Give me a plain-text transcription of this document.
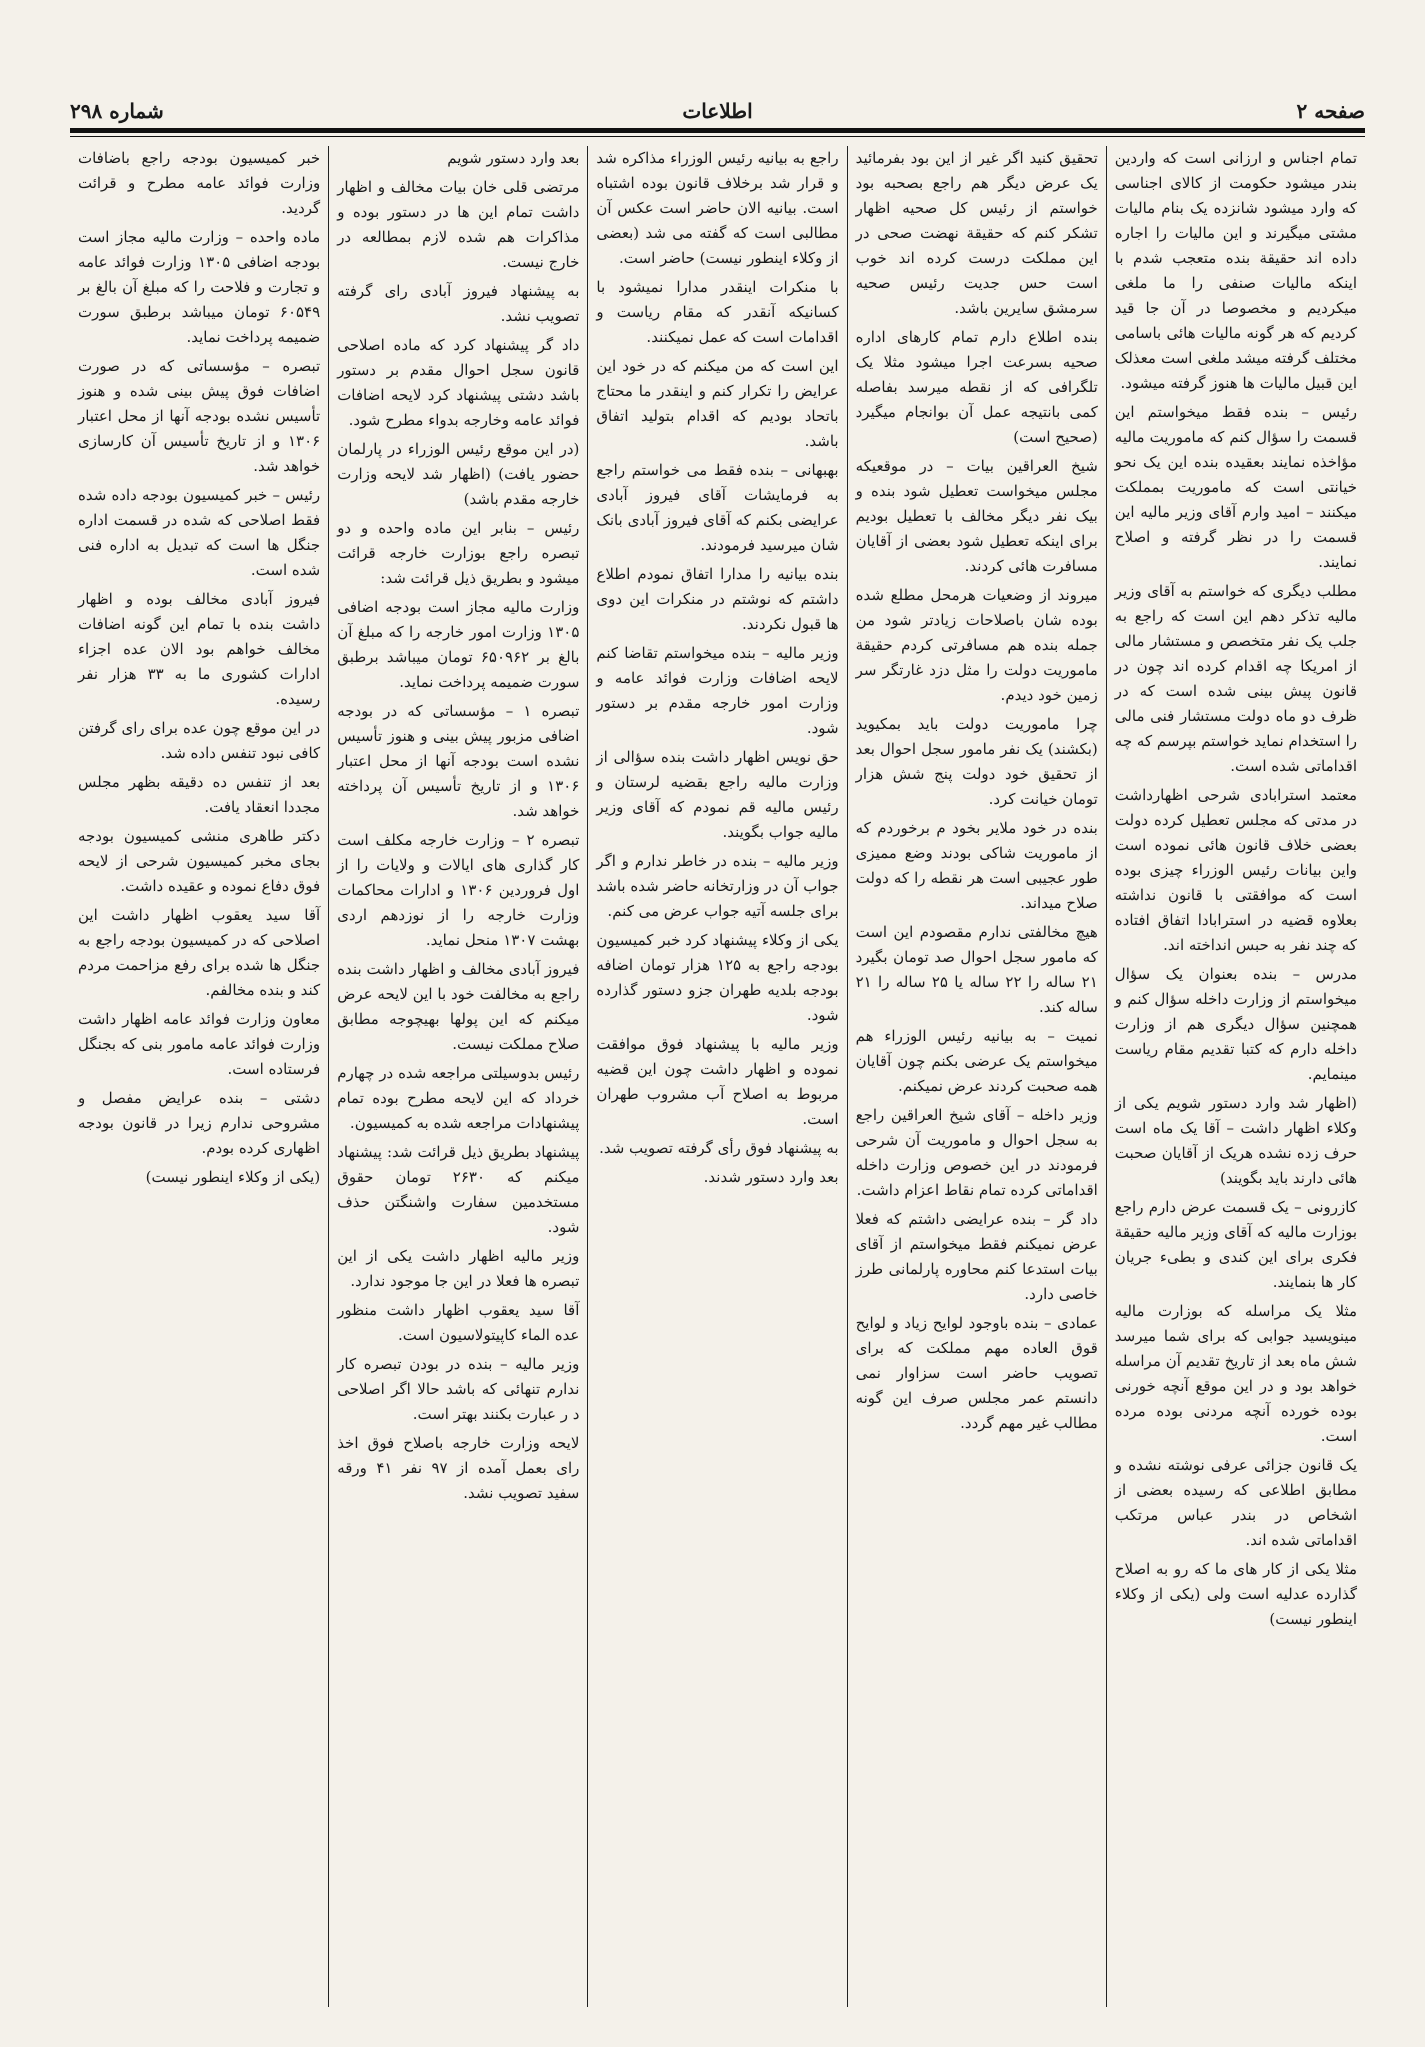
صفحه ۲
اطلاعات
شماره ۲۹۸

تمام اجناس و ارزانی است که واردین بندر میشود حکومت از کالای اجناسی که وارد میشود شانزده یک بنام مالیات مشتی میگیرند و این مالیات را اجاره داده اند حقیقة بنده متعجب شدم با اینکه مالیات صنفی را ما ملغی میکردیم و مخصوصا در آن جا قید کردیم که هر گونه مالیات هائی باسامی مختلف گرفته میشد ملغی است معذلک این قبیل مالیات ها هنوز گرفته میشود.

رئیس – بنده فقط میخواستم این قسمت را سؤال کنم که ماموریت مالیه مؤاخذه نمایند بعقیده بنده این یک نحو خیانتی است که ماموریت بمملکت میکنند – امید وارم آقای وزیر مالیه این قسمت را در نظر گرفته و اصلاح نمایند.

مطلب دیگری که خواستم به آقای وزیر مالیه تذکر دهم این است که راجع به جلب یک نفر متخصص و مستشار مالی از امریکا چه اقدام کرده اند چون در قانون پیش بینی شده است که در ظرف دو ماه دولت مستشار فنی مالی را استخدام نماید خواستم بپرسم که چه اقداماتی شده است.

معتمد استرابادی شرحی اظهارداشت در مدتی که مجلس تعطیل کرده دولت بعضی خلاف قانون هائی نموده است واین بیانات رئیس الوزراء چیزی بوده است که موافقتی با قانون نداشته بعلاوه قضیه در استرابادا اتفاق افتاده که چند نفر به حبس انداخته اند.

مدرس – بنده بعنوان یک سؤال میخواستم از وزارت داخله سؤال کنم و همچنین سؤال دیگری هم از وزارت داخله دارم که کتبا تقدیم مقام ریاست مینمایم.

(اظهار شد وارد دستور شویم یکی از وکلاء اظهار داشت – آقا یک ماه است حرف زده نشده هریک از آقایان صحبت هائی دارند باید بگویند)

کازرونی – یک قسمت عرض دارم راجع بوزارت مالیه که آقای وزیر مالیه حقیقة فکری برای این کندی و بطیء جریان کار ها بنمایند.

مثلا یک مراسله که بوزارت مالیه مینویسید جوابی که برای شما میرسد شش ماه بعد از تاریخ تقدیم آن مراسله خواهد بود و در این موقع آنچه خورنی بوده خورده آنچه مردنی بوده مرده است.

یک قانون جزائی عرفی نوشته نشده و مطابق اطلاعی که رسیده بعضی از اشخاص در بندر عباس مرتکب اقداماتی شده اند.

مثلا یکی از کار های ما که رو به اصلاح گذارده عدلیه است ولی (یکی از وکلاء اینطور نیست)

تحقیق کنید اگر غیر از این بود بفرمائید یک عرض دیگر هم راجع بصحبه بود خواستم از رئیس کل صحیه اظهار تشکر کنم که حقیقة نهضت صحی در این مملکت درست کرده اند خوب است حس جدیت رئیس صحیه سرمشق سایرین باشد.

بنده اطلاع دارم تمام کارهای اداره صحیه بسرعت اجرا میشود مثلا یک تلگرافی که از نقطه میرسد بفاصله کمی بانتیجه عمل آن بوانجام میگیرد (صحیح است)

شیخ العراقین بیات – در موقعیکه مجلس میخواست تعطیل شود بنده و بیک نفر دیگر مخالف با تعطیل بودیم برای اینکه تعطیل شود بعضی از آقایان مسافرت هائی کردند.

میروند از وضعیات هرمحل مطلع شده بوده شان باصلاحات زیادتر شود من جمله بنده هم مسافرتی کردم حقیقة ماموریت دولت را مثل دزد غارتگر سر زمین خود دیدم.

چرا ماموریت دولت باید بمکیوید (بکشند) یک نفر مامور سجل احوال بعد از تحقیق خود دولت پنج شش هزار تومان خیانت کرد.

بنده در خود ملایر بخود م برخوردم که از ماموریت شاکی بودند وضع ممیزی طور عجیبی است هر نقطه را که دولت صلاح میداند.

هیچ مخالفتی ندارم مقصودم این است که مامور سجل احوال صد تومان بگیرد ۲۱ ساله را ۲۲ ساله یا ۲۵ ساله را ۲۱ ساله کند.

نمیت – به بیانیه رئیس الوزراء هم میخواستم یک عرضی بکنم چون آقایان همه صحبت کردند عرض نمیکنم.

وزیر داخله – آقای شیخ العراقین راجع به سجل احوال و ماموریت آن شرحی فرمودند در این خصوص وزارت داخله اقداماتی کرده تمام نقاط اعزام داشت.

داد گر – بنده عرایضی داشتم که فعلا عرض نمیکنم فقط میخواستم از آقای بیات استدعا کنم محاوره پارلمانی طرز خاصی دارد.

عمادی – بنده باوجود لوایح زیاد و لوایح قوق العاده مهم مملکت که برای تصویب حاضر است سزاوار نمی دانستم عمر مجلس صرف این گونه مطالب غیر مهم گردد.

راجع به بیانیه رئیس الوزراء مذاکره شد و قرار شد برخلاف قانون بوده اشتباه است. بیانیه الان حاضر است عکس آن مطالبی است که گفته می شد (بعضی از وکلاء اینطور نیست) حاضر است.

با منکرات اینقدر مدارا نمیشود با کسانیکه آنقدر که مقام ریاست و اقدامات است که عمل نمیکنند.

این است که من میکنم که در خود این عرایض را تکرار کنم و اینقدر ما محتاج باتحاد بودیم که اقدام بتولید اتفاق باشد.

بهبهانی – بنده فقط می خواستم راجع به فرمایشات آقای فیروز آبادی عرایضی بکنم که آقای فیروز آبادی بانک شان میرسید فرمودند.

بنده بیانیه را مدارا اتفاق نمودم اطلاع داشتم که نوشتم در منکرات این دوی ها قبول نکردند.

وزیر مالیه – بنده میخواستم تقاضا کنم لایحه اضافات وزارت فوائد عامه و وزارت امور خارجه مقدم بر دستور شود.

حق نویس اظهار داشت بنده سؤالی از وزارت مالیه راجع بقضیه لرستان و رئیس مالیه قم نمودم که آقای وزیر مالیه جواب بگویند.

وزیر مالیه – بنده در خاطر ندارم و اگر جواب آن در وزارتخانه حاضر شده باشد برای جلسه آتیه جواب عرض می کنم.

یکی از وکلاء پیشنهاد کرد خبر کمیسیون بودجه راجع به ۱۲۵ هزار تومان اضافه بودجه بلدیه طهران جزو دستور گذارده شود.

وزیر مالیه با پیشنهاد فوق موافقت نموده و اظهار داشت چون این قضیه مربوط به اصلاح آب مشروب طهران است.

به پیشنهاد فوق رأی گرفته تصویب شد.

بعد وارد دستور شدند.

بعد وارد دستور شویم

مرتضی قلی خان بیات مخالف و اظهار داشت تمام این ها در دستور بوده و مذاکرات هم شده لازم بمطالعه در خارج نیست.

به پیشنهاد فیروز آبادی رای گرفته تصویب نشد.

داد گر پیشنهاد کرد که ماده اصلاحی قانون سجل احوال مقدم بر دستور باشد دشتی پیشنهاد کرد لایحه اضافات فوائد عامه وخارجه بدواء مطرح شود.

(در این موقع رئیس الوزراء در پارلمان حضور یافت) (اظهار شد لایحه وزارت خارجه مقدم باشد)

رئیس – بنابر این ماده واحده و دو تبصره راجع بوزارت خارجه قرائت میشود و بطریق ذیل قرائت شد:

وزارت مالیه مجاز است بودجه اضافی ۱۳۰۵ وزارت امور خارجه را که مبلغ آن بالغ بر ۶۵۰۹۶۲ تومان میباشد برطبق سورت ضمیمه پرداخت نماید.

تبصره ۱ – مؤسساتی که در بودجه اضافی مزبور پیش بینی و هنوز تأسیس نشده است بودجه آنها از محل اعتبار ۱۳۰۶ و از تاریخ تأسیس آن پرداخته خواهد شد.

تبصره ۲ – وزارت خارجه مکلف است کار گذاری های ایالات و ولایات را از اول فروردین ۱۳۰۶ و ادارات محاکمات وزارت خارجه را از نوزدهم اردی بهشت ۱۳۰۷ منحل نماید.

فیروز آبادی مخالف و اظهار داشت بنده راجع به مخالفت خود با این لایحه عرض میکنم که این پولها بهیچوجه مطابق صلاح مملکت نیست.

رئیس بدوسیلتی مراجعه شده در چهارم خرداد که این لایحه مطرح بوده تمام پیشنهادات مراجعه شده به کمیسیون.

پیشنهاد بطریق ذیل قرائت شد: پیشنهاد میکنم که ۲۶۳۰ تومان حقوق مستخدمین سفارت واشنگتن حذف شود.

وزیر مالیه اظهار داشت یکی از این تبصره ها فعلا در این جا موجود ندارد.

آقا سید یعقوب اظهار داشت منظور عده الماء کاپیتولاسیون است.

وزیر مالیه – بنده در بودن تبصره کار ندارم تنهائی که باشد حالا اگر اصلاحی د ر عبارت بکنند بهتر است.

لایحه وزارت خارجه باصلاح فوق اخذ رای بعمل آمده از ۹۷ نفر ۴۱ ورقه سفید تصویب نشد.

خبر کمیسیون بودجه راجع باضافات وزارت فوائد عامه مطرح و قرائت گردید.

ماده واحده – وزارت مالیه مجاز است بودجه اضافی ۱۳۰۵ وزارت فوائد عامه و تجارت و فلاحت را که مبلغ آن بالغ بر ۶۰۵۴۹ تومان میباشد برطبق سورت ضمیمه پرداخت نماید.

تبصره – مؤسساتی که در صورت اضافات فوق پیش بینی شده و هنوز تأسیس نشده بودجه آنها از محل اعتبار ۱۳۰۶ و از تاریخ تأسیس آن کارسازی خواهد شد.

رئیس – خبر کمیسیون بودجه داده شده فقط اصلاحی که شده در قسمت اداره جنگل ها است که تبدیل به اداره فنی شده است.

فیروز آبادی مخالف بوده و اظهار داشت بنده با تمام این گونه اضافات مخالف خواهم بود الان عده اجزاء ادارات کشوری ما به ۳۳ هزار نفر رسیده.

در این موقع چون عده برای رای گرفتن کافی نبود تنفس داده شد.

بعد از تنفس ده دقیقه بظهر مجلس مجددا انعقاد یافت.

دکتر طاهری منشی کمیسیون بودجه بجای مخبر کمیسیون شرحی از لایحه فوق دفاع نموده و عقیده داشت.

آقا سید یعقوب اظهار داشت این اصلاحی که در کمیسیون بودجه راجع به جنگل ها شده برای رفع مزاحمت مردم کند و بنده مخالفم.

معاون وزارت فوائد عامه اظهار داشت وزارت فوائد عامه مامور بنی که بجنگل فرستاده است.

دشتی – بنده عرایض مفصل و مشروحی ندارم زیرا در قانون بودجه اظهاری کرده بودم.

(یکی از وکلاء اینطور نیست)
